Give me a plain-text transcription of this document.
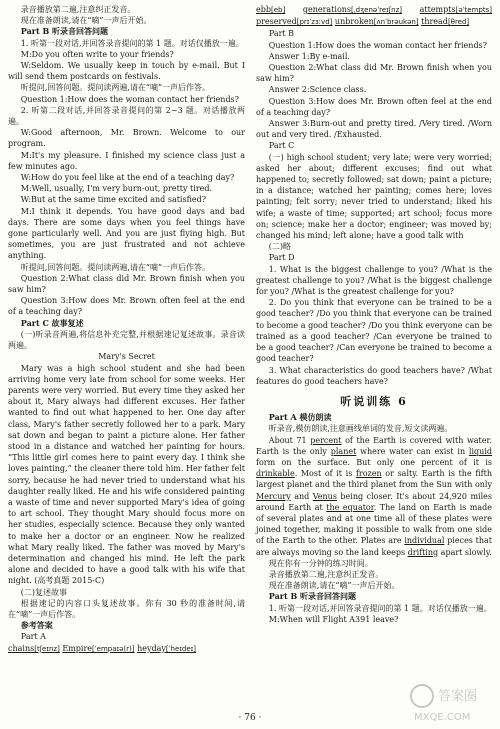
录音播放第二遍,注意纠正发音。

现在准备朗读,请在“嘀”一声后开始。

Part B 听录音回答问题

1. 听第一段对话,并回答录音提问的第 1 题。对话仅播放一遍。

M:Do you often write to your friends?

W:Seldom. We usually keep in touch by e-mail. But I will send them postcards on festivals.

听提问,回答问题。提问读两遍,请在“嘀”一声后作答。

Question 1:How does the woman contact her friends?

2. 听第二段对话,并回答录音提问的第 2~3 题。对话播放两遍。

W:Good afternoon, Mr. Brown. Welcome to our program.

M:It's my pleasure. I finished my science class just a few minutes ago.

W:How do you feel like at the end of a teaching day?

M:Well, usually, I'm very burn-out, pretty tired.

W:But at the same time excited and satisfied?

M:I think it depends. You have good days and bad days. There are some days when you feel things have gone particularly well. And you are just flying high. But sometimes, you are just frustrated and not achieve anything.

听提问,回答问题。提问读两遍,请在“嘀”一声后作答。

Question 2:What class did Mr. Brown finish when you saw him?

Question 3:How does Mr. Brown often feel at the end of a teaching day?

Part C 故事复述

(一)听录音两遍,将信息补充完整,并根据速记复述故事。录音读两遍。

Mary's Secret

Mary was a high school student and she had been arriving home very late from school for some weeks. Her parents were very worried. But every time they asked her about it, Mary always had different excuses. Her father wanted to find out what happened to her. One day after class, Mary's father secretly followed her to a park. Mary sat down and began to paint a picture alone. Her father stood in a distance and watched her painting for hours. “This little girl comes here to paint every day. I think she loves painting,” the cleaner there told him. Her father felt sorry, because he had never tried to understand what his daughter really liked. He and his wife considered painting a waste of time and never supported Mary's idea of going to art school. They thought Mary should focus more on her studies, especially science. Because they only wanted to make her a doctor or an engineer. Now he realized what Mary really liked. The father was moved by Mary's determination and changed his mind. He left the park alone and decided to have a good talk with his wife that night. (高考真题 2015-C)

(二)复述故事

根据速记的内容口头复述故事。你有 30 秒的准备时间,请在“嘀”一声后作答。

参考答案

Part A

chains[tʃeɪnz] Empire[ˈempaɪə(r)] heyday[ˈheɪdeɪ]

ebb[eb] generations[ˌdʒenəˈreɪʃnz] attempts[əˈtempts] preserved[prɪˈzɜːvd] unbroken[ʌnˈbrəukən] thread[θred]

Part B

Question 1:How does the woman contact her friends?

Answer 1:By e-mail.

Question 2:What class did Mr. Brown finish when you saw him?

Answer 2:Science class.

Question 3:How does Mr. Brown often feel at the end of a teaching day?

Answer 3:Burn-out and pretty tired. /Very tired. /Worn out and very tired. /Exhausted.

Part C

(一) high school student; very late; were very worried; asked her about; different excuses; find out what happened to; secretly followed; sat down; paint a picture; in a distance; watched her painting; comes here; loves painting; felt sorry; never tried to understand; liked his wife; a waste of time; supported; art school; focus more on; science; make her a doctor; engineer; was moved by; changed his mind; left alone; have a good talk with

(二)略

Part D

1. What is the biggest challenge to you? /What is the greatest challenge to you? /What is the biggest challenge for you? /What is the greatest challenge for you?

2. Do you think that everyone can be trained to be a good teacher? /Do you think that everyone can be trained to become a good teacher? /Do you think everyone can be trained as a good teacher? /Can everyone be trained to be a good teacher? /Can everyone be trained to become a good teacher?

3. What characteristics do good teachers have? /What features do good teachers have?

听说训练 6

Part A 模仿朗读

听录音,模仿朗读,注意画线单词的发音,短文读两遍。

About 71 percent of the Earth is covered with water. Earth is the only planet where water can exist in liquid form on the surface. But only one percent of it is drinkable. Most of it is frozen or salty. Earth is the fifth largest planet and the third planet from the Sun with only Mercury and Venus being closer. It's about 24,920 miles around Earth at the equator. The land on Earth is made of several plates and at one time all of these plates were joined together, making it possible to walk from one side of the Earth to the other. Plates are individual pieces that are always moving so the land keeps drifting apart slowly.

现在你有一分钟的练习时间。

录音播放第二遍,注意纠正发音。

现在准备朗读,请在“嘀”一声后开始。

Part B 听录音回答问题

1. 听第一段对话,并回答录音提问的第 1 题。对话仅播放一遍。

M:When will Flight A391 leave?

· 76 ·
答案圈
MXQE.COM
